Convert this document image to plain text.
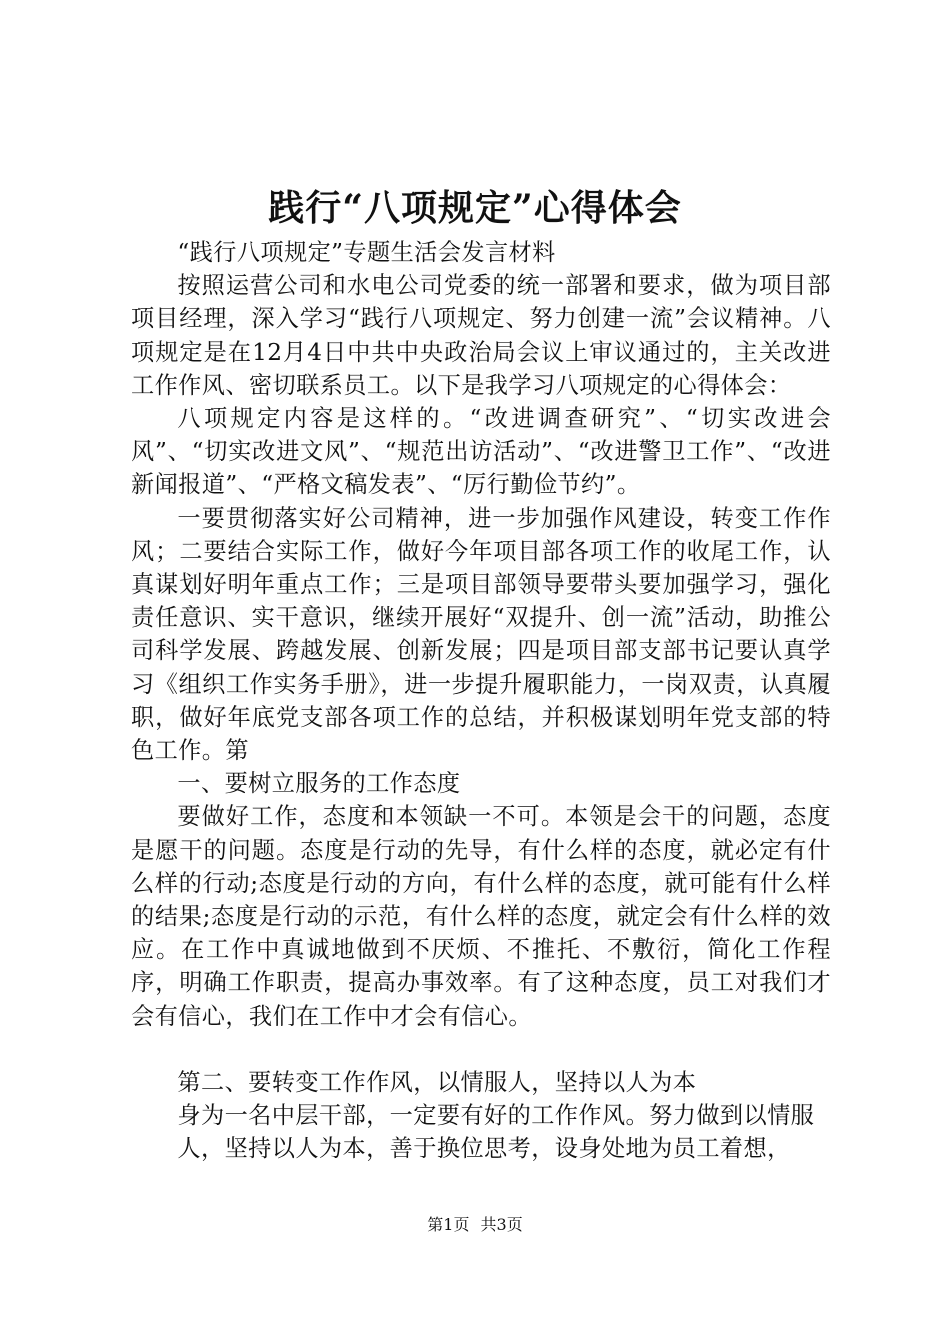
践行“八项规定”心得体会

“践行八项规定”专题生活会发言材料

按照运营公司和水电公司党委的统一部署和要求，做为项目部项目经理，深入学习“践行八项规定、努力创建一流”会议精神。八项规定是在12月4日中共中央政治局会议上审议通过的，主关改进工作作风、密切联系员工。以下是我学习八项规定的心得体会：

八项规定内容是这样的。“改进调查研究”、“切实改进会风”、“切实改进文风”、“规范出访活动”、“改进警卫工作”、“改进新闻报道”、“严格文稿发表”、“厉行勤俭节约”。

一要贯彻落实好公司精神，进一步加强作风建设，转变工作作风；二要结合实际工作，做好今年项目部各项工作的收尾工作，认真谋划好明年重点工作；三是项目部领导要带头要加强学习，强化责任意识、实干意识，继续开展好“双提升、创一流”活动，助推公司科学发展、跨越发展、创新发展；四是项目部支部书记要认真学习《组织工作实务手册》，进一步提升履职能力，一岗双责，认真履职，做好年底党支部各项工作的总结，并积极谋划明年党支部的特色工作。第

一、要树立服务的工作态度

要做好工作，态度和本领缺一不可。本领是会干的问题，态度是愿干的问题。态度是行动的先导，有什么样的态度，就必定有什么样的行动;态度是行动的方向，有什么样的态度，就可能有什么样的结果;态度是行动的示范，有什么样的态度，就定会有什么样的效应。在工作中真诚地做到不厌烦、不推托、不敷衍，简化工作程序，明确工作职责，提高办事效率。有了这种态度，员工对我们才会有信心，我们在工作中才会有信心。

第二、要转变工作作风，以情服人，坚持以人为本

身为一名中层干部，一定要有好的工作作风。努力做到以情服

人，坚持以人为本，善于换位思考，设身处地为员工着想，

第1页 共3页
